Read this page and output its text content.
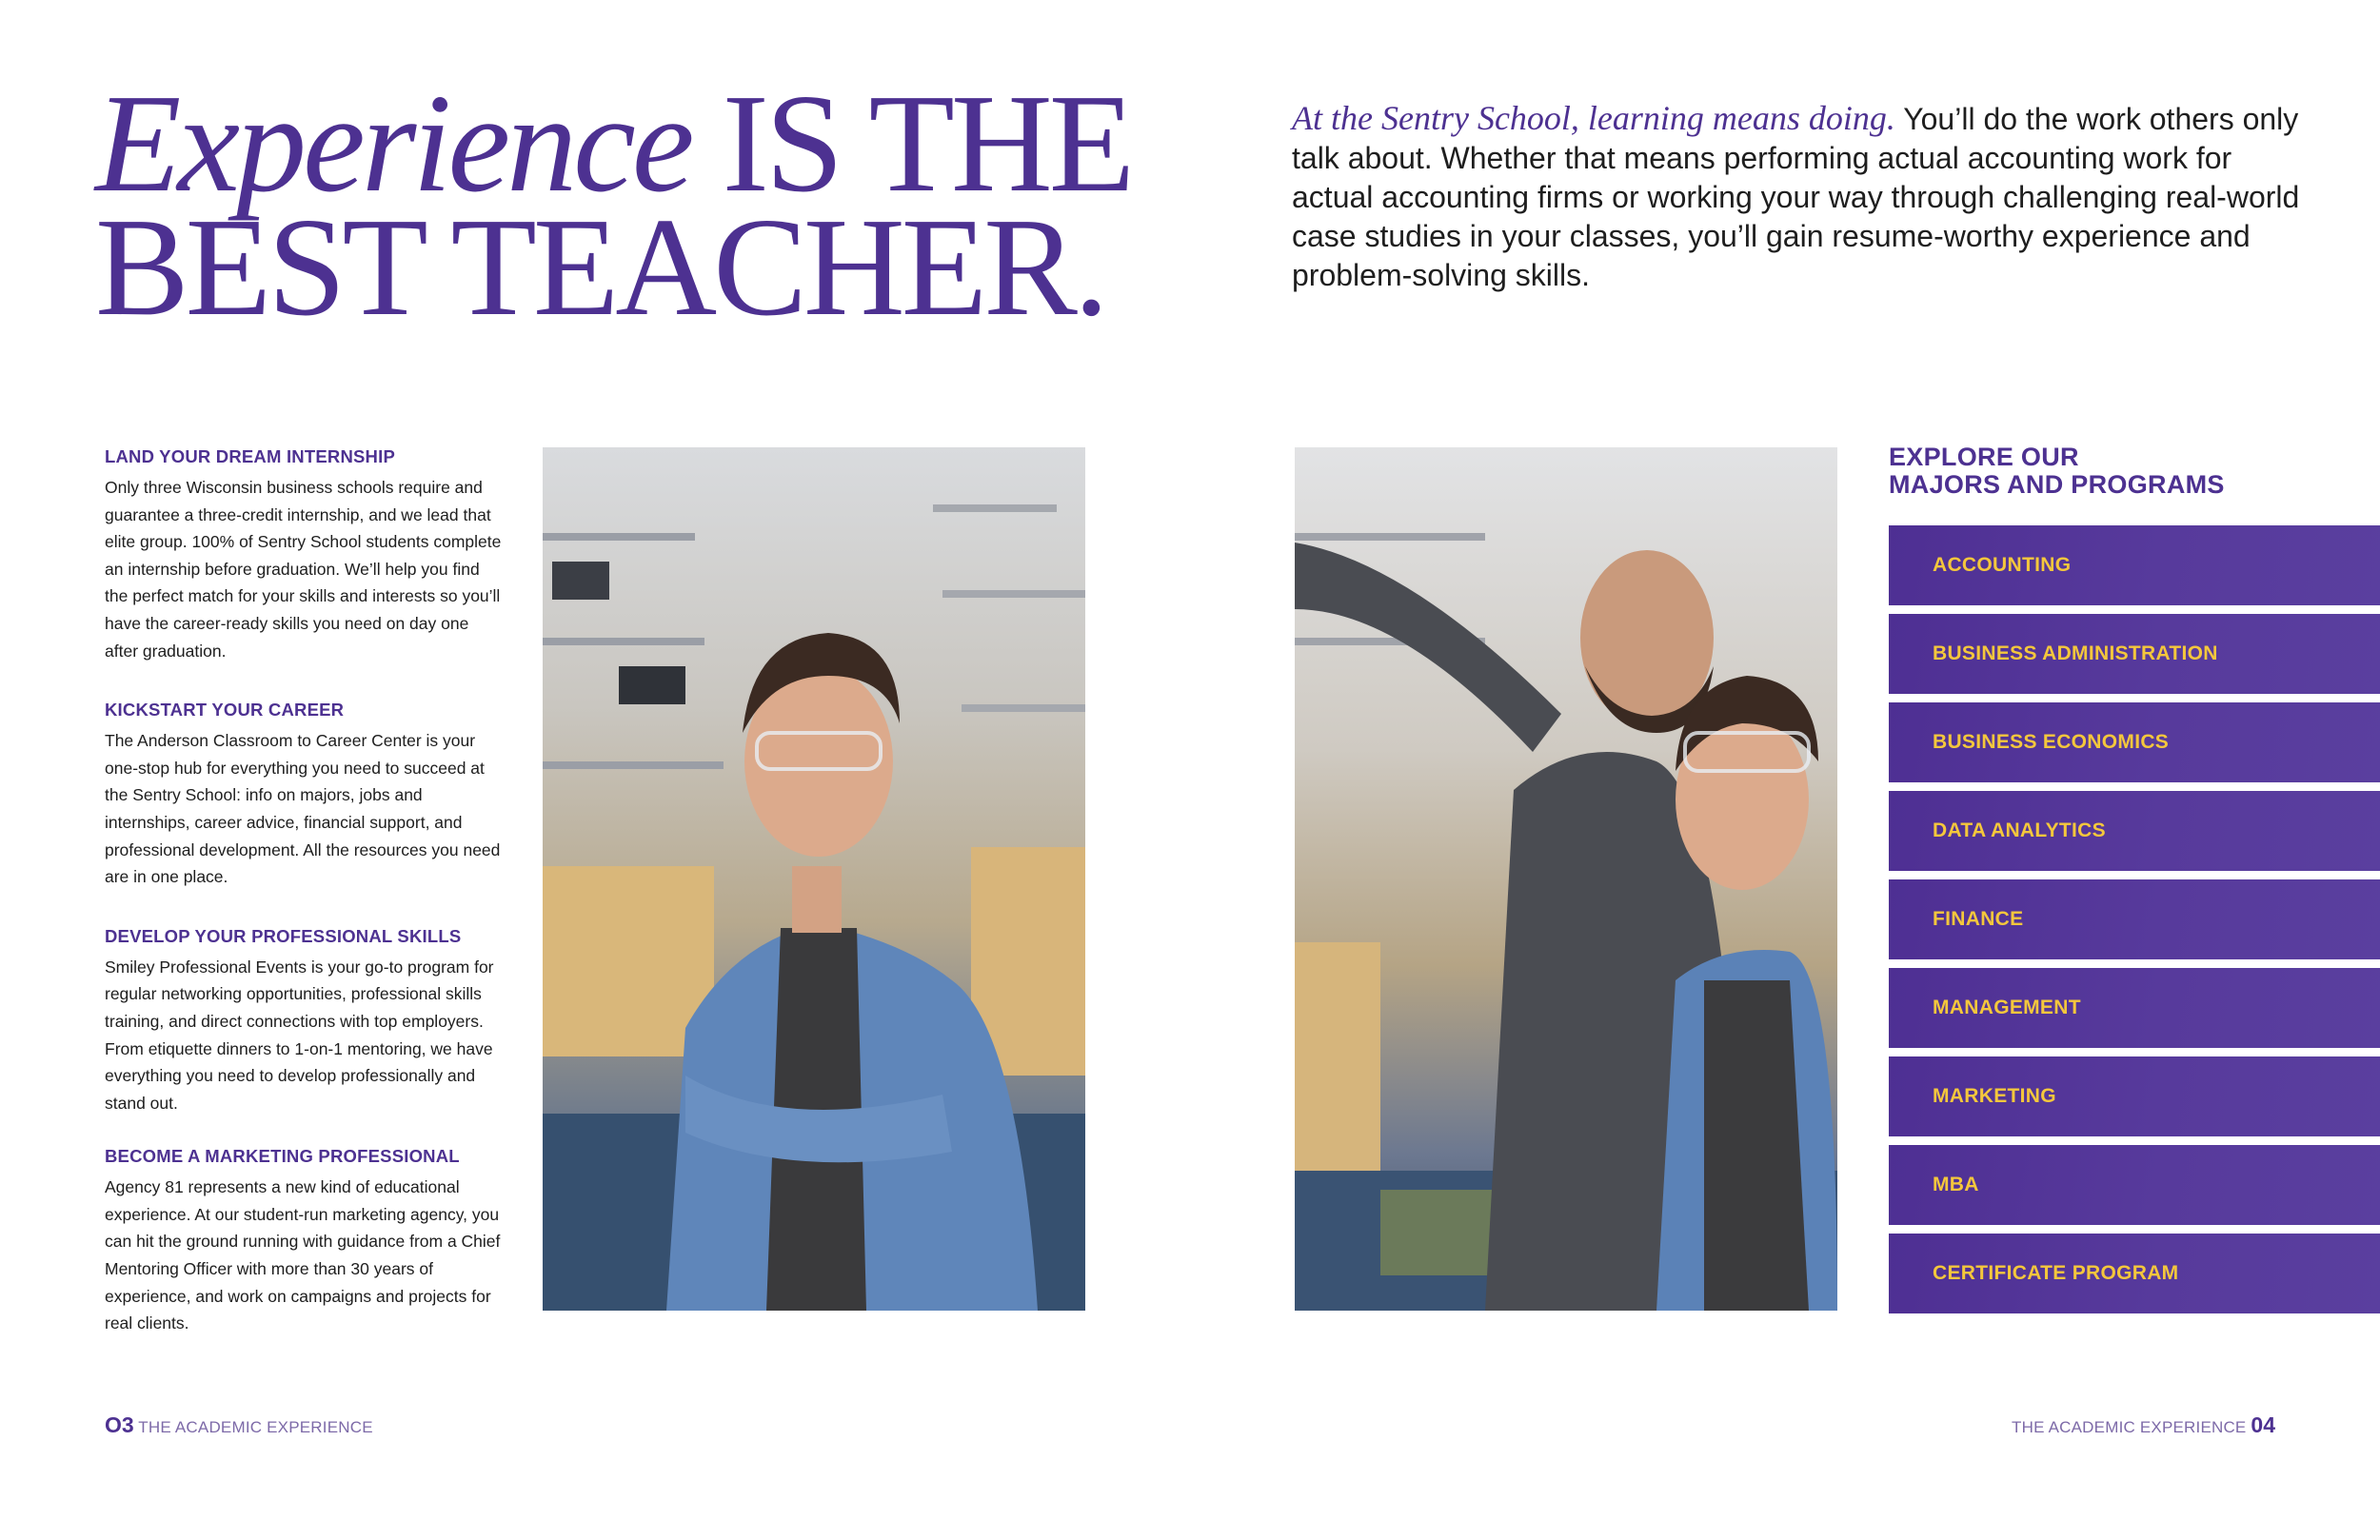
Experience IS THE
BEST TEACHER.
At the Sentry School, learning means doing. You’ll do the work others only talk about. Whether that means performing actual accounting work for actual accounting firms or working your way through challenging real-world case studies in your classes, you’ll gain resume-worthy experience and problem-solving skills.
LAND YOUR DREAM INTERNSHIP

Only three Wisconsin business schools require and guarantee a three-credit internship, and we lead that elite group. 100% of Sentry School students complete an internship before graduation. We’ll help you find the perfect match for your skills and interests so you’ll have the career-ready skills you need on day one after graduation.

KICKSTART YOUR CAREER

The Anderson Classroom to Career Center is your one-stop hub for everything you need to succeed at the Sentry School: info on majors, jobs and internships, career advice, financial support, and professional development. All the resources you need are in one place.

DEVELOP YOUR PROFESSIONAL SKILLS

Smiley Professional Events is your go-to program for regular networking opportunities, professional skills training, and direct connections with top employers. From etiquette dinners to 1-on-1 mentoring, we have everything you need to develop professionally and stand out.

BECOME A MARKETING PROFESSIONAL

Agency 81 represents a new kind of educational experience. At our student-run marketing agency, you can hit the ground running with guidance from a Chief Mentoring Officer with more than 30 years of experience, and work on campaigns and projects for real clients.

EXPLORE OUR
MAJORS AND PROGRAMS
ACCOUNTING
BUSINESS ADMINISTRATION
BUSINESS ECONOMICS
DATA ANALYTICS
FINANCE
MANAGEMENT
MARKETING
MBA
CERTIFICATE PROGRAM
O3 THE ACADEMIC EXPERIENCE	THE ACADEMIC EXPERIENCE 04
